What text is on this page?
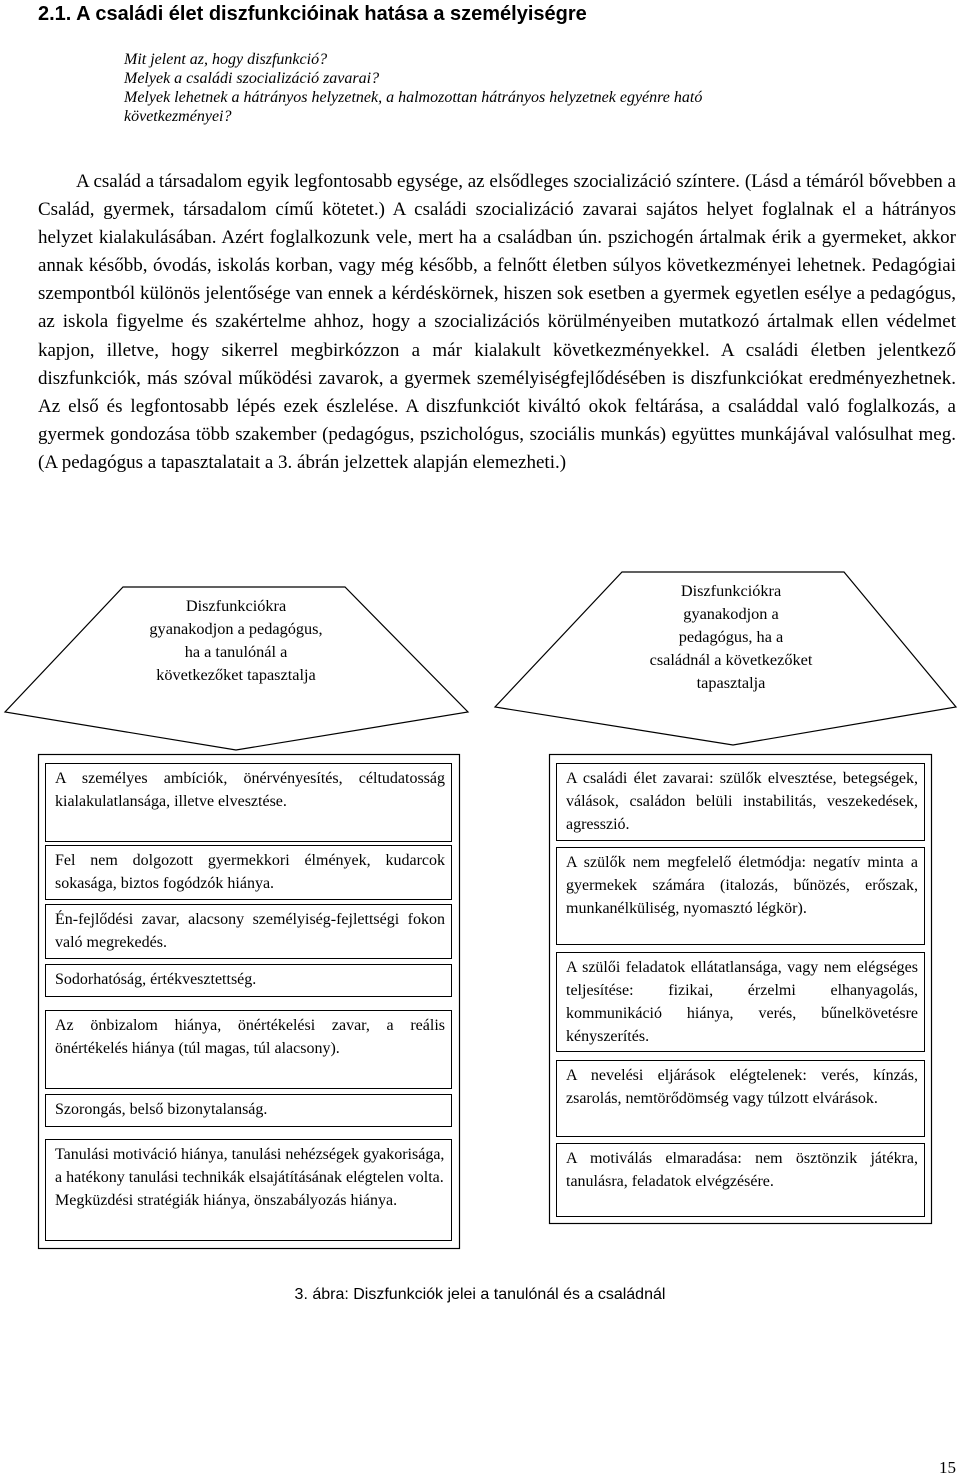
2.1. A családi élet diszfunkcióinak hatása a személyiségre
Mit jelent az, hogy diszfunkció?
Melyek a családi szocializáció zavarai?
Melyek lehetnek a hátrányos helyzetnek, a halmozottan hátrányos helyzetnek egyénre ható
következményei?
A család a társadalom egyik legfontosabb egysége, az elsődleges szocializáció színtere. (Lásd a témáról bővebben a Család, gyermek, társadalom című kötetet.) A családi szocializáció zavarai sajátos helyet foglalnak el a hátrányos helyzet kialakulásában. Azért foglalkozunk vele, mert ha a családban ún. pszichogén ártalmak érik a gyermeket, akkor annak később, óvodás, iskolás korban, vagy még később, a felnőtt életben súlyos következményei lehetnek. Pedagógiai szempontból különös jelentősége van ennek a kérdéskörnek, hiszen sok esetben a gyermek egyetlen esélye a pedagógus, az iskola figyelme és szakértelme ahhoz, hogy a szocializációs körülményeiben mutatkozó ártalmak ellen védelmet kapjon, illetve, hogy sikerrel megbirkózzon a már kialakult következményekkel. A családi életben jelentkező diszfunkciók, más szóval működési zavarok, a gyermek személyiségfejlődésében is diszfunkciókat eredményezhetnek. Az első és legfontosabb lépés ezek észlelése. A diszfunkciót kiváltó okok feltárása, a családdal való foglalkozás, a gyermek gondozása több szakember (pedagógus, pszichológus, szociális munkás) együttes munkájával valósulhat meg. (A pedagógus a tapasztalatait a 3. ábrán jelzettek alapján elemezheti.)
Diszfunkciókra
gyanakodjon a pedagógus,
ha a tanulónál a
következőket tapasztalja
Diszfunkciókra
gyanakodjon a
pedagógus, ha a
családnál a következőket
tapasztalja
A személyes ambíciók, önérvényesítés, céltudatosság kialakulatlansága, illetve elvesztése.
Fel nem dolgozott gyermekkori élmények, kudarcok sokasága, biztos fogódzók hiánya.
Én-fejlődési zavar, alacsony személyiség-fejlettségi fokon való megrekedés.
Sodorhatóság, értékvesztettség.
Az önbizalom hiánya, önértékelési zavar, a reális önértékelés hiánya (túl magas, túl alacsony).
Szorongás, belső bizonytalanság.
Tanulási motiváció hiánya, tanulási nehézségek gyakorisága, a hatékony tanulási technikák elsajátításának elégtelen volta. Megküzdési stratégiák hiánya, önszabályozás hiánya.
A családi élet zavarai: szülők elvesztése, betegségek, válások, családon belüli instabilitás, veszekedések, agresszió.
A szülők nem megfelelő életmódja: negatív minta a gyermekek számára (italozás, bűnözés, erőszak, munkanélküliség, nyomasztó légkör).
A szülői feladatok ellátatlansága, vagy nem elégséges teljesítése: fizikai, érzelmi elhanyagolás, kommunikáció hiánya, verés, bűnelkövetésre kényszerítés.
A nevelési eljárások elégtelenek: verés, kínzás, zsarolás, nemtörődömség vagy túlzott elvárások.
A motiválás elmaradása: nem ösztönzik játékra, tanulásra, feladatok elvégzésére.
3. ábra: Diszfunkciók jelei a tanulónál és a családnál
15
